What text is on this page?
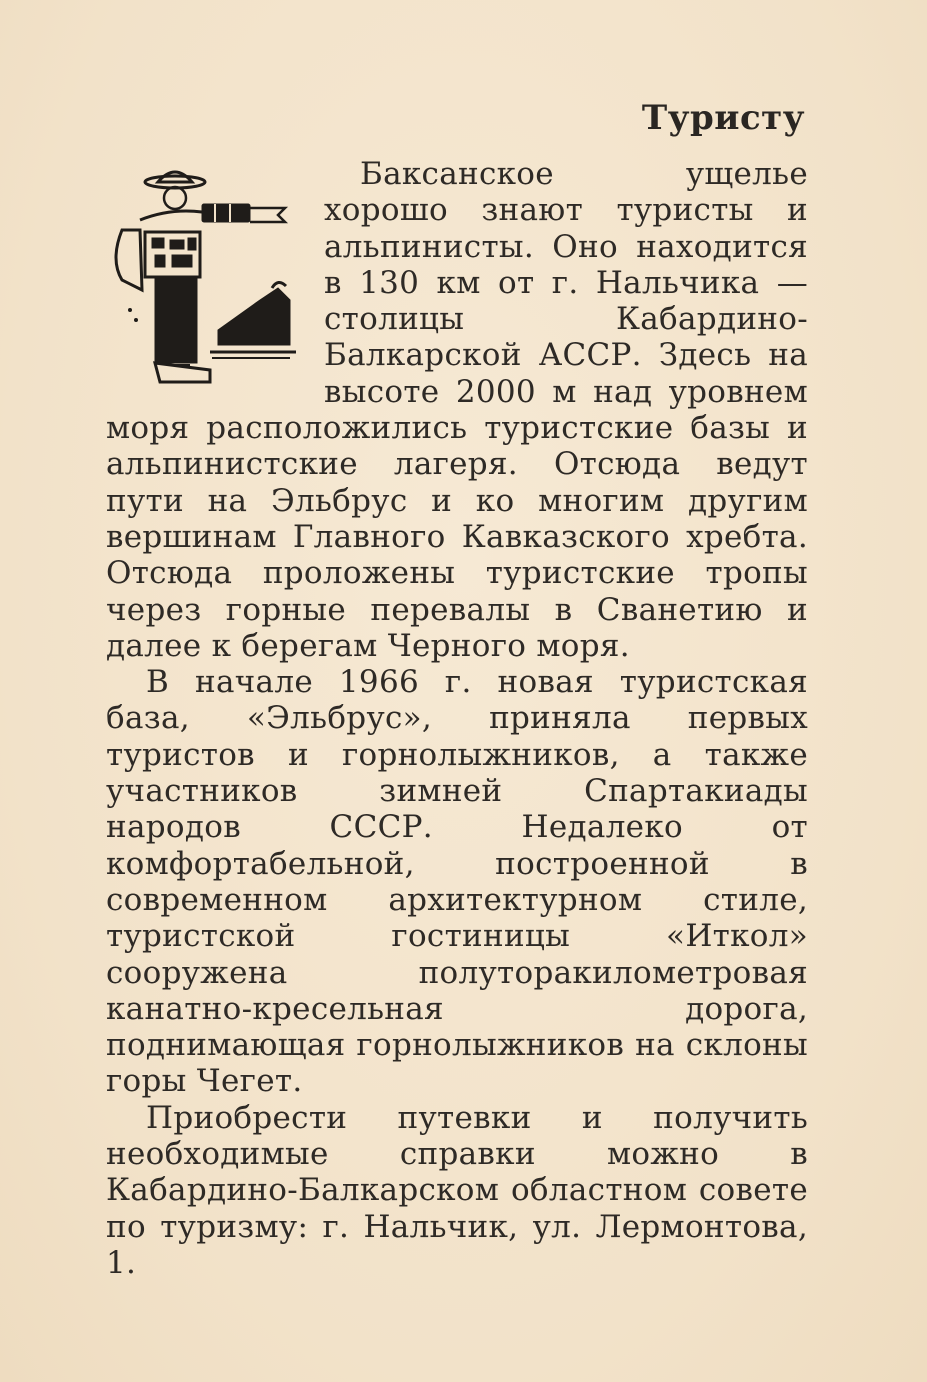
Туристу

Баксанское ущелье хорошо знают туристы и альпинисты. Оно находится в 130 км от г. Нальчика — столицы Кабардино-Балкарской АССР. Здесь на высоте 2000 м над уровнем моря расположились туристские базы и альпинистские лагеря. Отсюда ведут пути на Эльбрус и ко многим другим вершинам Главного Кавказского хребта. Отсюда проложены туристские тропы через горные перевалы в Сванетию и далее к берегам Черного моря.

В начале 1966 г. новая туристская база, «Эльбрус», приняла первых туристов и горнолыжников, а также участников зимней Спартакиады народов СССР. Недалеко от комфортабельной, построенной в современном архитектурном стиле, туристской гостиницы «Иткол» сооружена полуторакилометровая канатно-кресельная дорога, поднимающая горнолыжников на склоны горы Чегет.

Приобрести путевки и получить необходимые справки можно в Кабардино-Балкарском областном совете по туризму: г. Нальчик, ул. Лермонтова, 1.
